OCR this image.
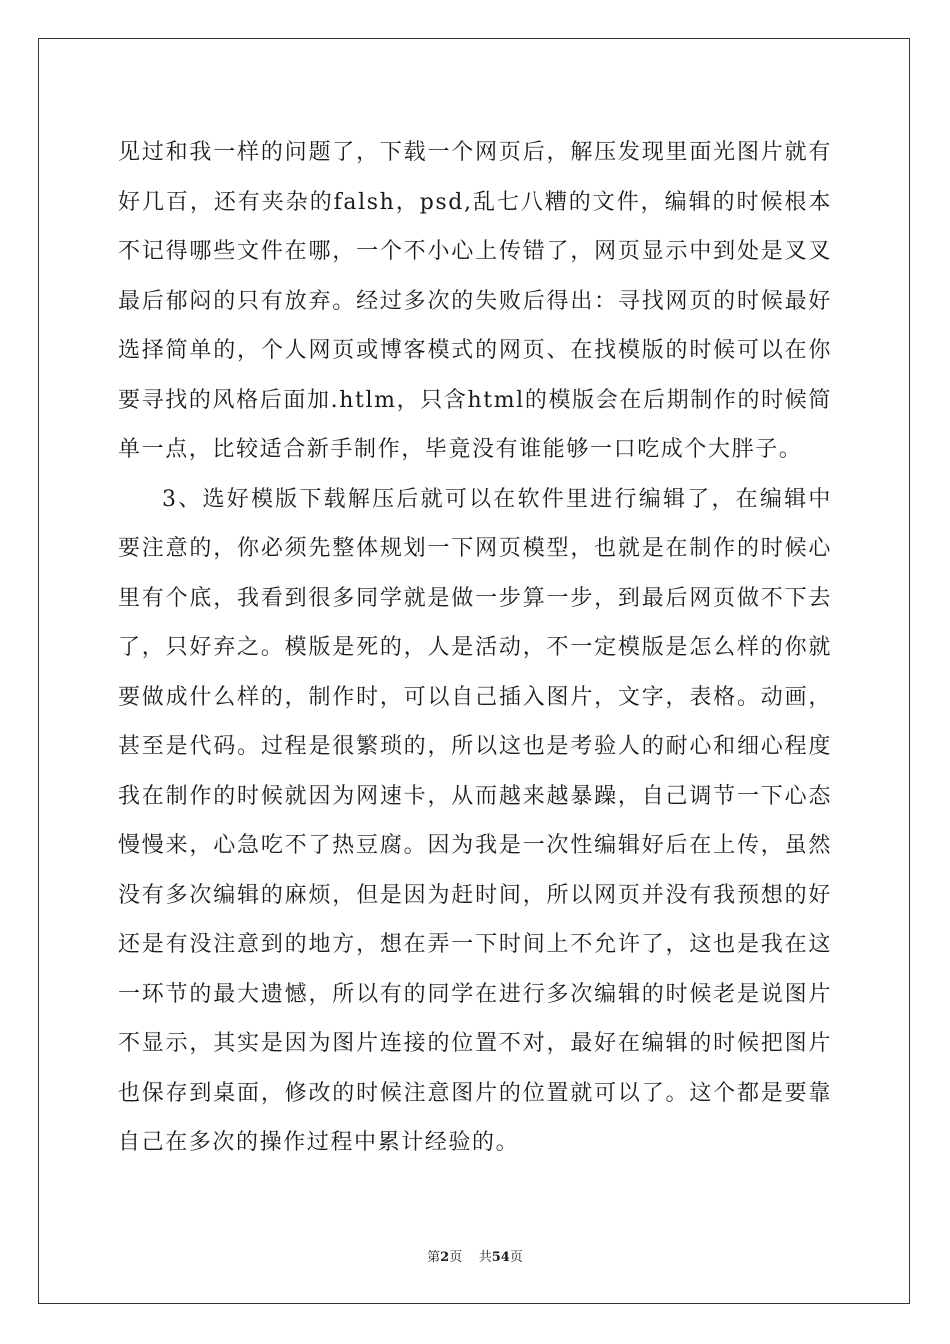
见过和我一样的问题了，下载一个网页后，解压发现里面光图片就有
好几百，还有夹杂的falsh，psd,乱七八糟的文件，编辑的时候根本
不记得哪些文件在哪，一个不小心上传错了，网页显示中到处是叉叉
最后郁闷的只有放弃。经过多次的失败后得出：寻找网页的时候最好
选择简单的，个人网页或博客模式的网页、在找模版的时候可以在你
要寻找的风格后面加.htlm，只含html的模版会在后期制作的时候简
单一点，比较适合新手制作，毕竟没有谁能够一口吃成个大胖子。
3、选好模版下载解压后就可以在软件里进行编辑了，在编辑中
要注意的，你必须先整体规划一下网页模型，也就是在制作的时候心
里有个底，我看到很多同学就是做一步算一步，到最后网页做不下去
了，只好弃之。模版是死的，人是活动，不一定模版是怎么样的你就
要做成什么样的，制作时，可以自己插入图片，文字，表格。动画，
甚至是代码。过程是很繁琐的，所以这也是考验人的耐心和细心程度
我在制作的时候就因为网速卡，从而越来越暴躁，自己调节一下心态
慢慢来，心急吃不了热豆腐。因为我是一次性编辑好后在上传，虽然
没有多次编辑的麻烦，但是因为赶时间，所以网页并没有我预想的好
还是有没注意到的地方，想在弄一下时间上不允许了，这也是我在这
一环节的最大遗憾，所以有的同学在进行多次编辑的时候老是说图片
不显示，其实是因为图片连接的位置不对，最好在编辑的时候把图片
也保存到桌面，修改的时候注意图片的位置就可以了。这个都是要靠
自己在多次的操作过程中累计经验的。
第2页    共54页
